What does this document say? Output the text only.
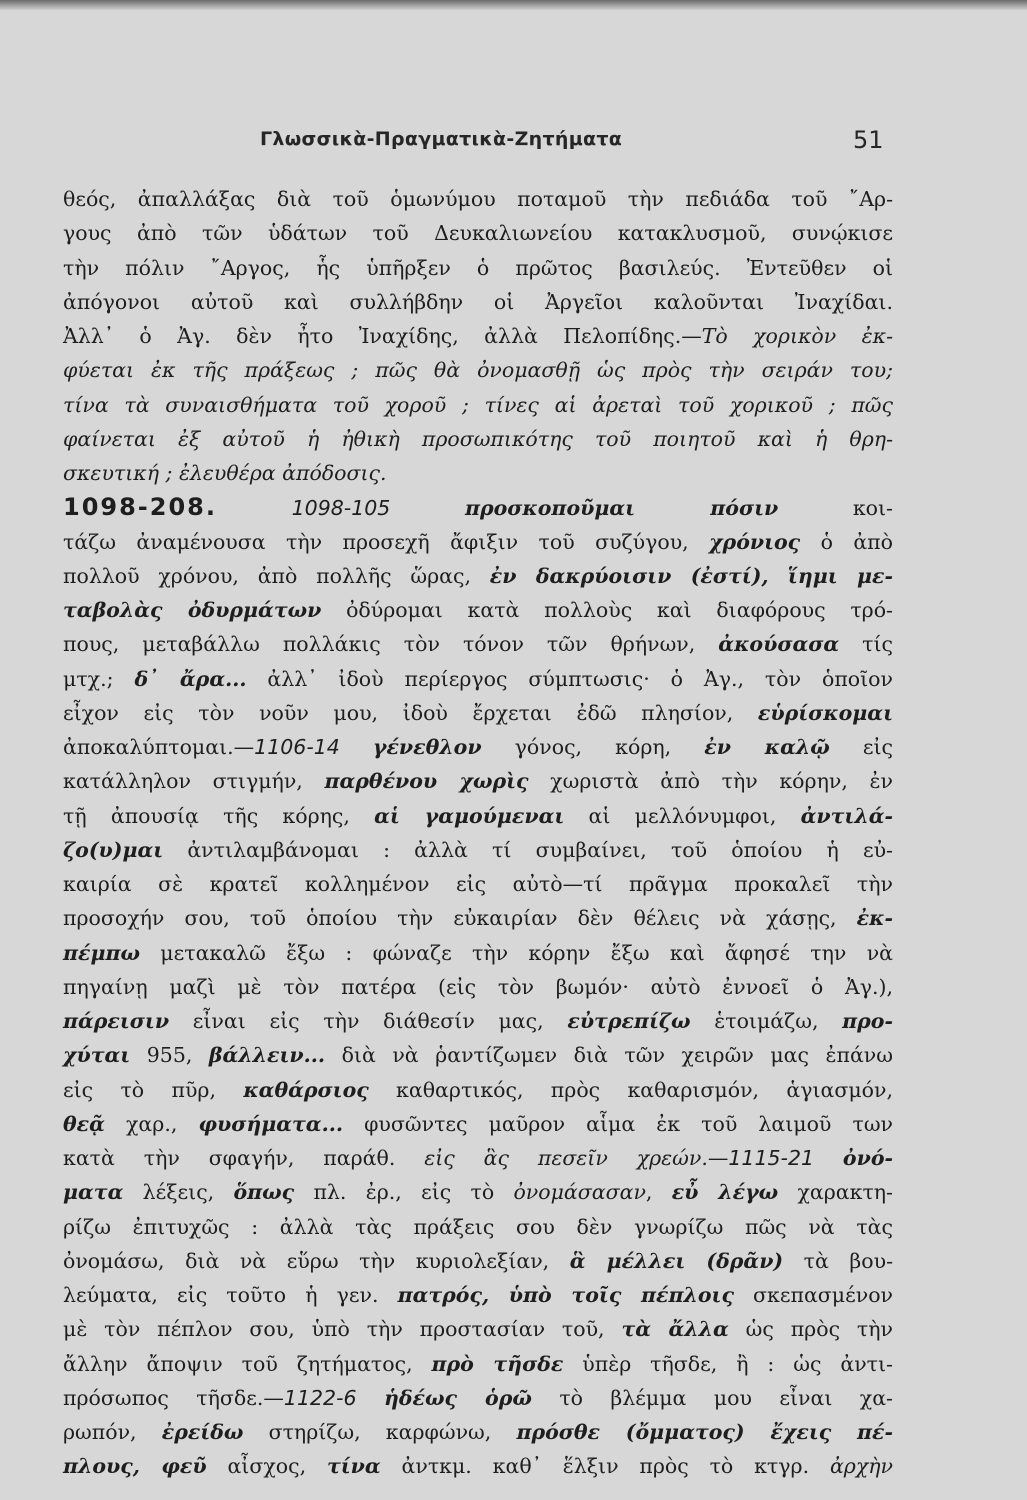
Γλωσσικὰ-Πραγματικὰ-Ζητήματα	51
θεός, ἀπαλλάξας διὰ τοῦ ὁμωνύμου ποταμοῦ τὴν πεδιάδα τοῦ ῎Αρ-
γους ἀπὸ τῶν ὑδάτων τοῦ Δευκαλιωνείου κατακλυσμοῦ, συνῴκισε
τὴν πόλιν ῎Αργος, ἧς ὑπῆρξεν ὁ πρῶτος βασιλεύς. Ἐντεῦθεν οἱ
ἀπόγονοι αὐτοῦ καὶ συλλήβδην οἱ Ἀργεῖοι καλοῦνται Ἰναχίδαι.
Ἀλλ᾿ ὁ Ἀγ. δὲν ἦτο Ἰναχίδης, ἀλλὰ Πελοπίδης.—Τὸ χορικὸν ἐκ-
φύεται ἐκ τῆς πράξεως ; πῶς θὰ ὀνομασθῇ ὡς πρὸς τὴν σειράν του;
τίνα τὰ συναισθήματα τοῦ χοροῦ ; τίνες αἱ ἀρεταὶ τοῦ χορικοῦ ; πῶς
φαίνεται ἐξ αὐτοῦ ἡ ἠθικὴ προσωπικότης τοῦ ποιητοῦ καὶ ἡ θρη-
σκευτική ; ἐλευθέρα ἀπόδοσις.
1098-208.	1098-105	προσκοποῦμαι πόσιν κοι-
τάζω ἀναμένουσα τὴν προσεχῆ ἄφιξιν τοῦ συζύγου, χρόνιος ὁ ἀπὸ
πολλοῦ χρόνου, ἀπὸ πολλῆς ὥρας, ἐν δακρύοισιν (ἐστί), ἵημι με-
ταβολὰς ὀδυρμάτων ὀδύρομαι κατὰ πολλοὺς καὶ διαφόρους τρό-
πους, μεταβάλλω πολλάκις τὸν τόνον τῶν θρήνων, ἀκούσασα τίς
μτχ.; δ᾿ ἄρα... ἀλλ᾿ ἰδοὺ περίεργος σύμπτωσις· ὁ Ἀγ., τὸν ὁποῖον
εἶχον εἰς τὸν νοῦν μου, ἰδοὺ ἔρχεται ἐδῶ πλησίον, εὑρίσκομαι
ἀποκαλύπτομαι.—1106-14 γένεθλον γόνος, κόρη, ἐν καλῷ εἰς
κατάλληλον στιγμήν, παρθένου χωρὶς χωριστὰ ἀπὸ τὴν κόρην, ἐν
τῇ ἀπουσίᾳ τῆς κόρης, αἱ γαμούμεναι αἱ μελλόνυμφοι, ἀντιλά-
ζο(υ)μαι ἀντιλαμβάνομαι : ἀλλὰ τί συμβαίνει, τοῦ ὁποίου ἡ εὐ-
καιρία σὲ κρατεῖ κολλημένον εἰς αὐτὸ—τί πρᾶγμα προκαλεῖ τὴν
προσοχήν σου, τοῦ ὁποίου τὴν εὐκαιρίαν δὲν θέλεις νὰ χάσῃς, ἐκ-
πέμπω μετακαλῶ ἔξω : φώναζε τὴν κόρην ἔξω καὶ ἄφησέ την νὰ
πηγαίνῃ μαζὶ μὲ τὸν πατέρα (εἰς τὸν βωμόν· αὐτὸ ἐννοεῖ ὁ Ἀγ.),
πάρεισιν εἶναι εἰς τὴν διάθεσίν μας, εὐτρεπίζω ἑτοιμάζω, προ-
χύται 955, βάλλειν... διὰ νὰ ῥαντίζωμεν διὰ τῶν χειρῶν μας ἐπάνω
εἰς τὸ πῦρ, καθάρσιος καθαρτικός, πρὸς καθαρισμόν, ἁγιασμόν,
θεᾷ χαρ., φυσήματα... φυσῶντες μαῦρον αἷμα ἐκ τοῦ λαιμοῦ των
κατὰ τὴν σφαγήν, παράθ. εἰς ἃς πεσεῖν χρεών.—1115-21 ὀνό-
ματα λέξεις, ὅπως πλ. ἐρ., εἰς τὸ ὀνομάσασαν, εὖ λέγω χαρακτη-
ρίζω ἐπιτυχῶς : ἀλλὰ τὰς πράξεις σου δὲν γνωρίζω πῶς νὰ τὰς
ὀνομάσω, διὰ νὰ εὕρω τὴν κυριολεξίαν, ἃ μέλλει (δρᾶν) τὰ βου-
λεύματα, εἰς τοῦτο ἡ γεν. πατρός, ὑπὸ τοῖς πέπλοις σκεπασμένον
μὲ τὸν πέπλον σου, ὑπὸ τὴν προστασίαν τοῦ, τὰ ἄλλα ὡς πρὸς τὴν
ἄλλην ἄποψιν τοῦ ζητήματος, πρὸ τῆσδε ὑπὲρ τῆσδε, ἢ : ὡς ἀντι-
πρόσωπος τῆσδε.—1122-6 ἡδέως ὁρῶ τὸ βλέμμα μου εἶναι χα-
ρωπόν, ἐρείδω στηρίζω, καρφώνω, πρόσθε (ὄμματος) ἔχεις πέ-
πλους, φεῦ αἶσχος, τίνα ἀντκμ. καθ᾿ ἕλξιν πρὸς τὸ κτγρ. ἀρχὴν
